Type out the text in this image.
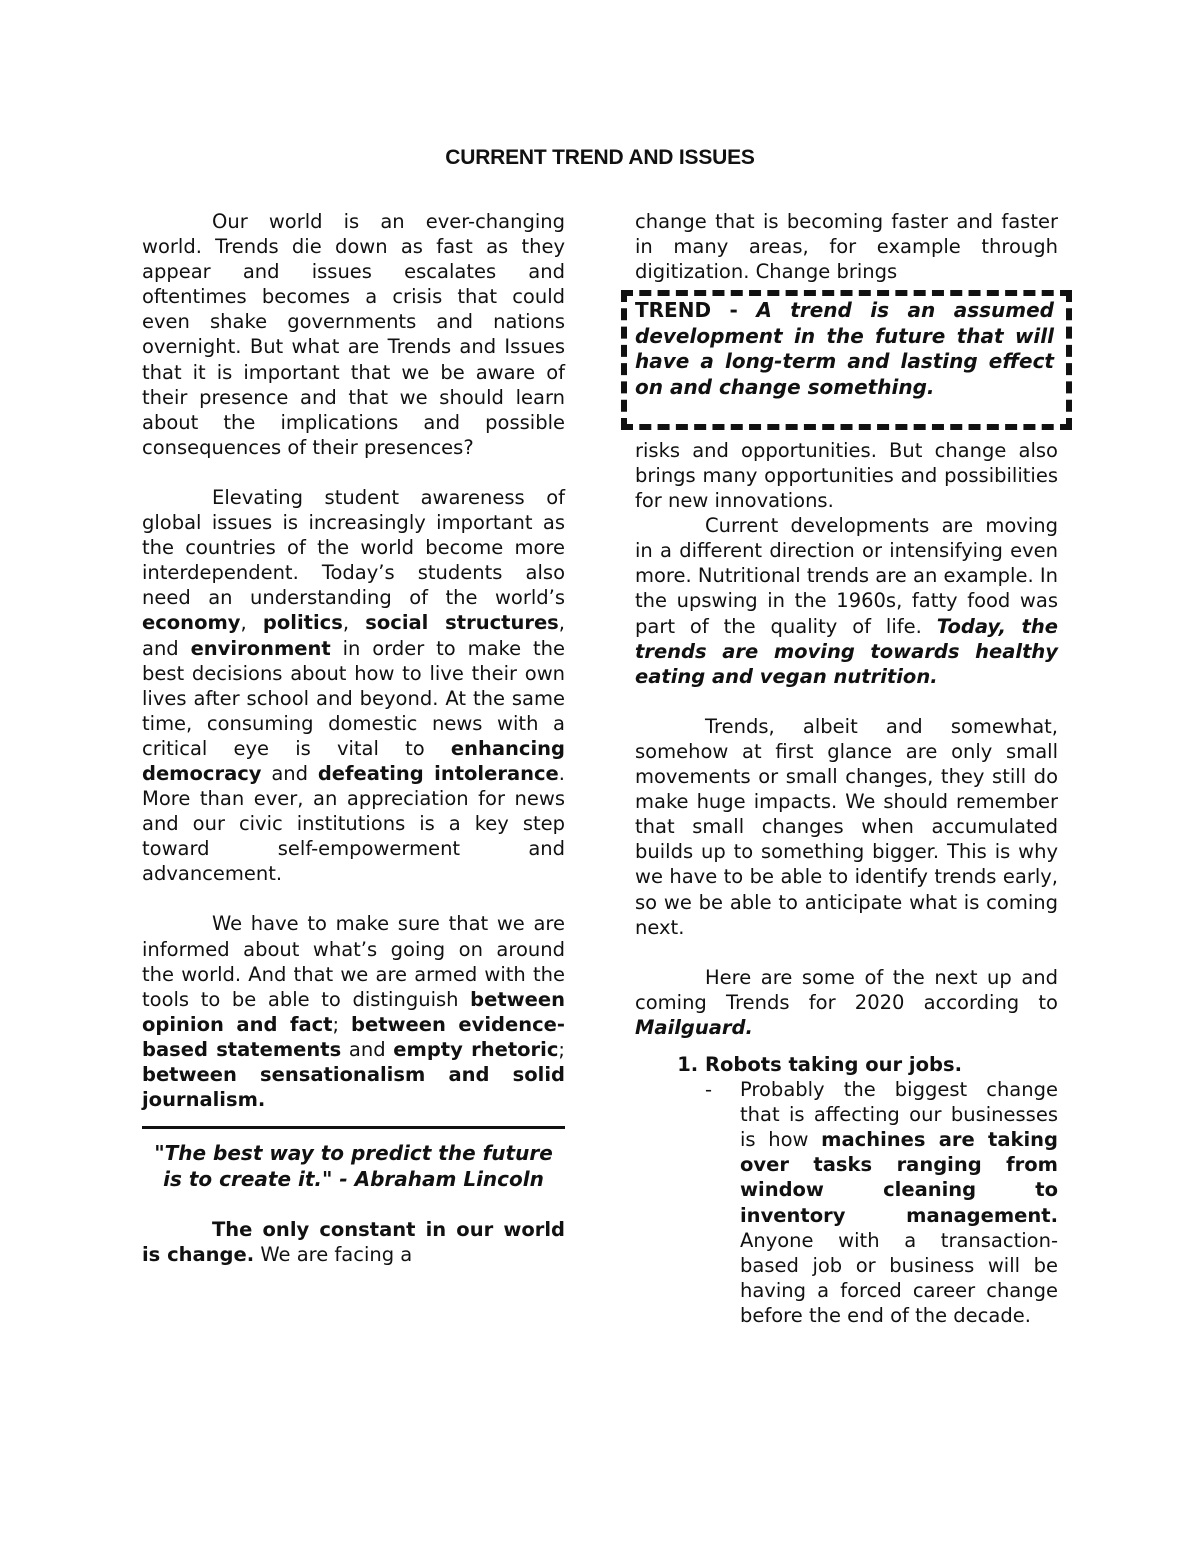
CURRENT TREND AND ISSUES

Our world is an ever-changing world. Trends die down as fast as they appear and issues escalates and oftentimes becomes a crisis that could even shake governments and nations overnight. But what are Trends and Issues that it is important that we be aware of their presence and that we should learn about the implications and possible consequences of their presences?

Elevating student awareness of global issues is increasingly important as the countries of the world become more interdependent. Today’s students also need an understanding of the world’s economy, politics, social structures, and environment in order to make the best decisions about how to live their own lives after school and beyond. At the same time, consuming domestic news with a critical eye is vital to enhancing democracy and defeating intolerance. More than ever, an appreciation for news and our civic institutions is a key step toward self-empowerment and advancement.

We have to make sure that we are informed about what’s going on around the world. And that we are armed with the tools to be able to distinguish between opinion and fact; between evidence-based statements and empty rhetoric; between sensationalism and solid journalism.

"The best way to predict the future is to create it." - Abraham Lincoln

The only constant in our world is change. We are facing a

change that is becoming faster and faster in many areas, for example through digitization. Change brings

TREND - A trend is an assumed development in the future that will have a long-term and lasting effect on and change something.

risks and opportunities. But change also brings many opportunities and possibilities for new innovations.

Current developments are moving in a different direction or intensifying even more. Nutritional trends are an example. In the upswing in the 1960s, fatty food was part of the quality of life. Today, the trends are moving towards healthy eating and vegan nutrition.

Trends, albeit and somewhat, somehow at first glance are only small movements or small changes, they still do make huge impacts. We should remember that small changes when accumulated builds up to something bigger. This is why we have to be able to identify trends early, so we be able to anticipate what is coming next.

Here are some of the next up and coming Trends for 2020 according to Mailguard.

1. Robots taking our jobs.
- Probably the biggest change that is affecting our businesses is how machines are taking over tasks ranging from window cleaning to inventory management. Anyone with a transaction-based job or business will be having a forced career change before the end of the decade.
